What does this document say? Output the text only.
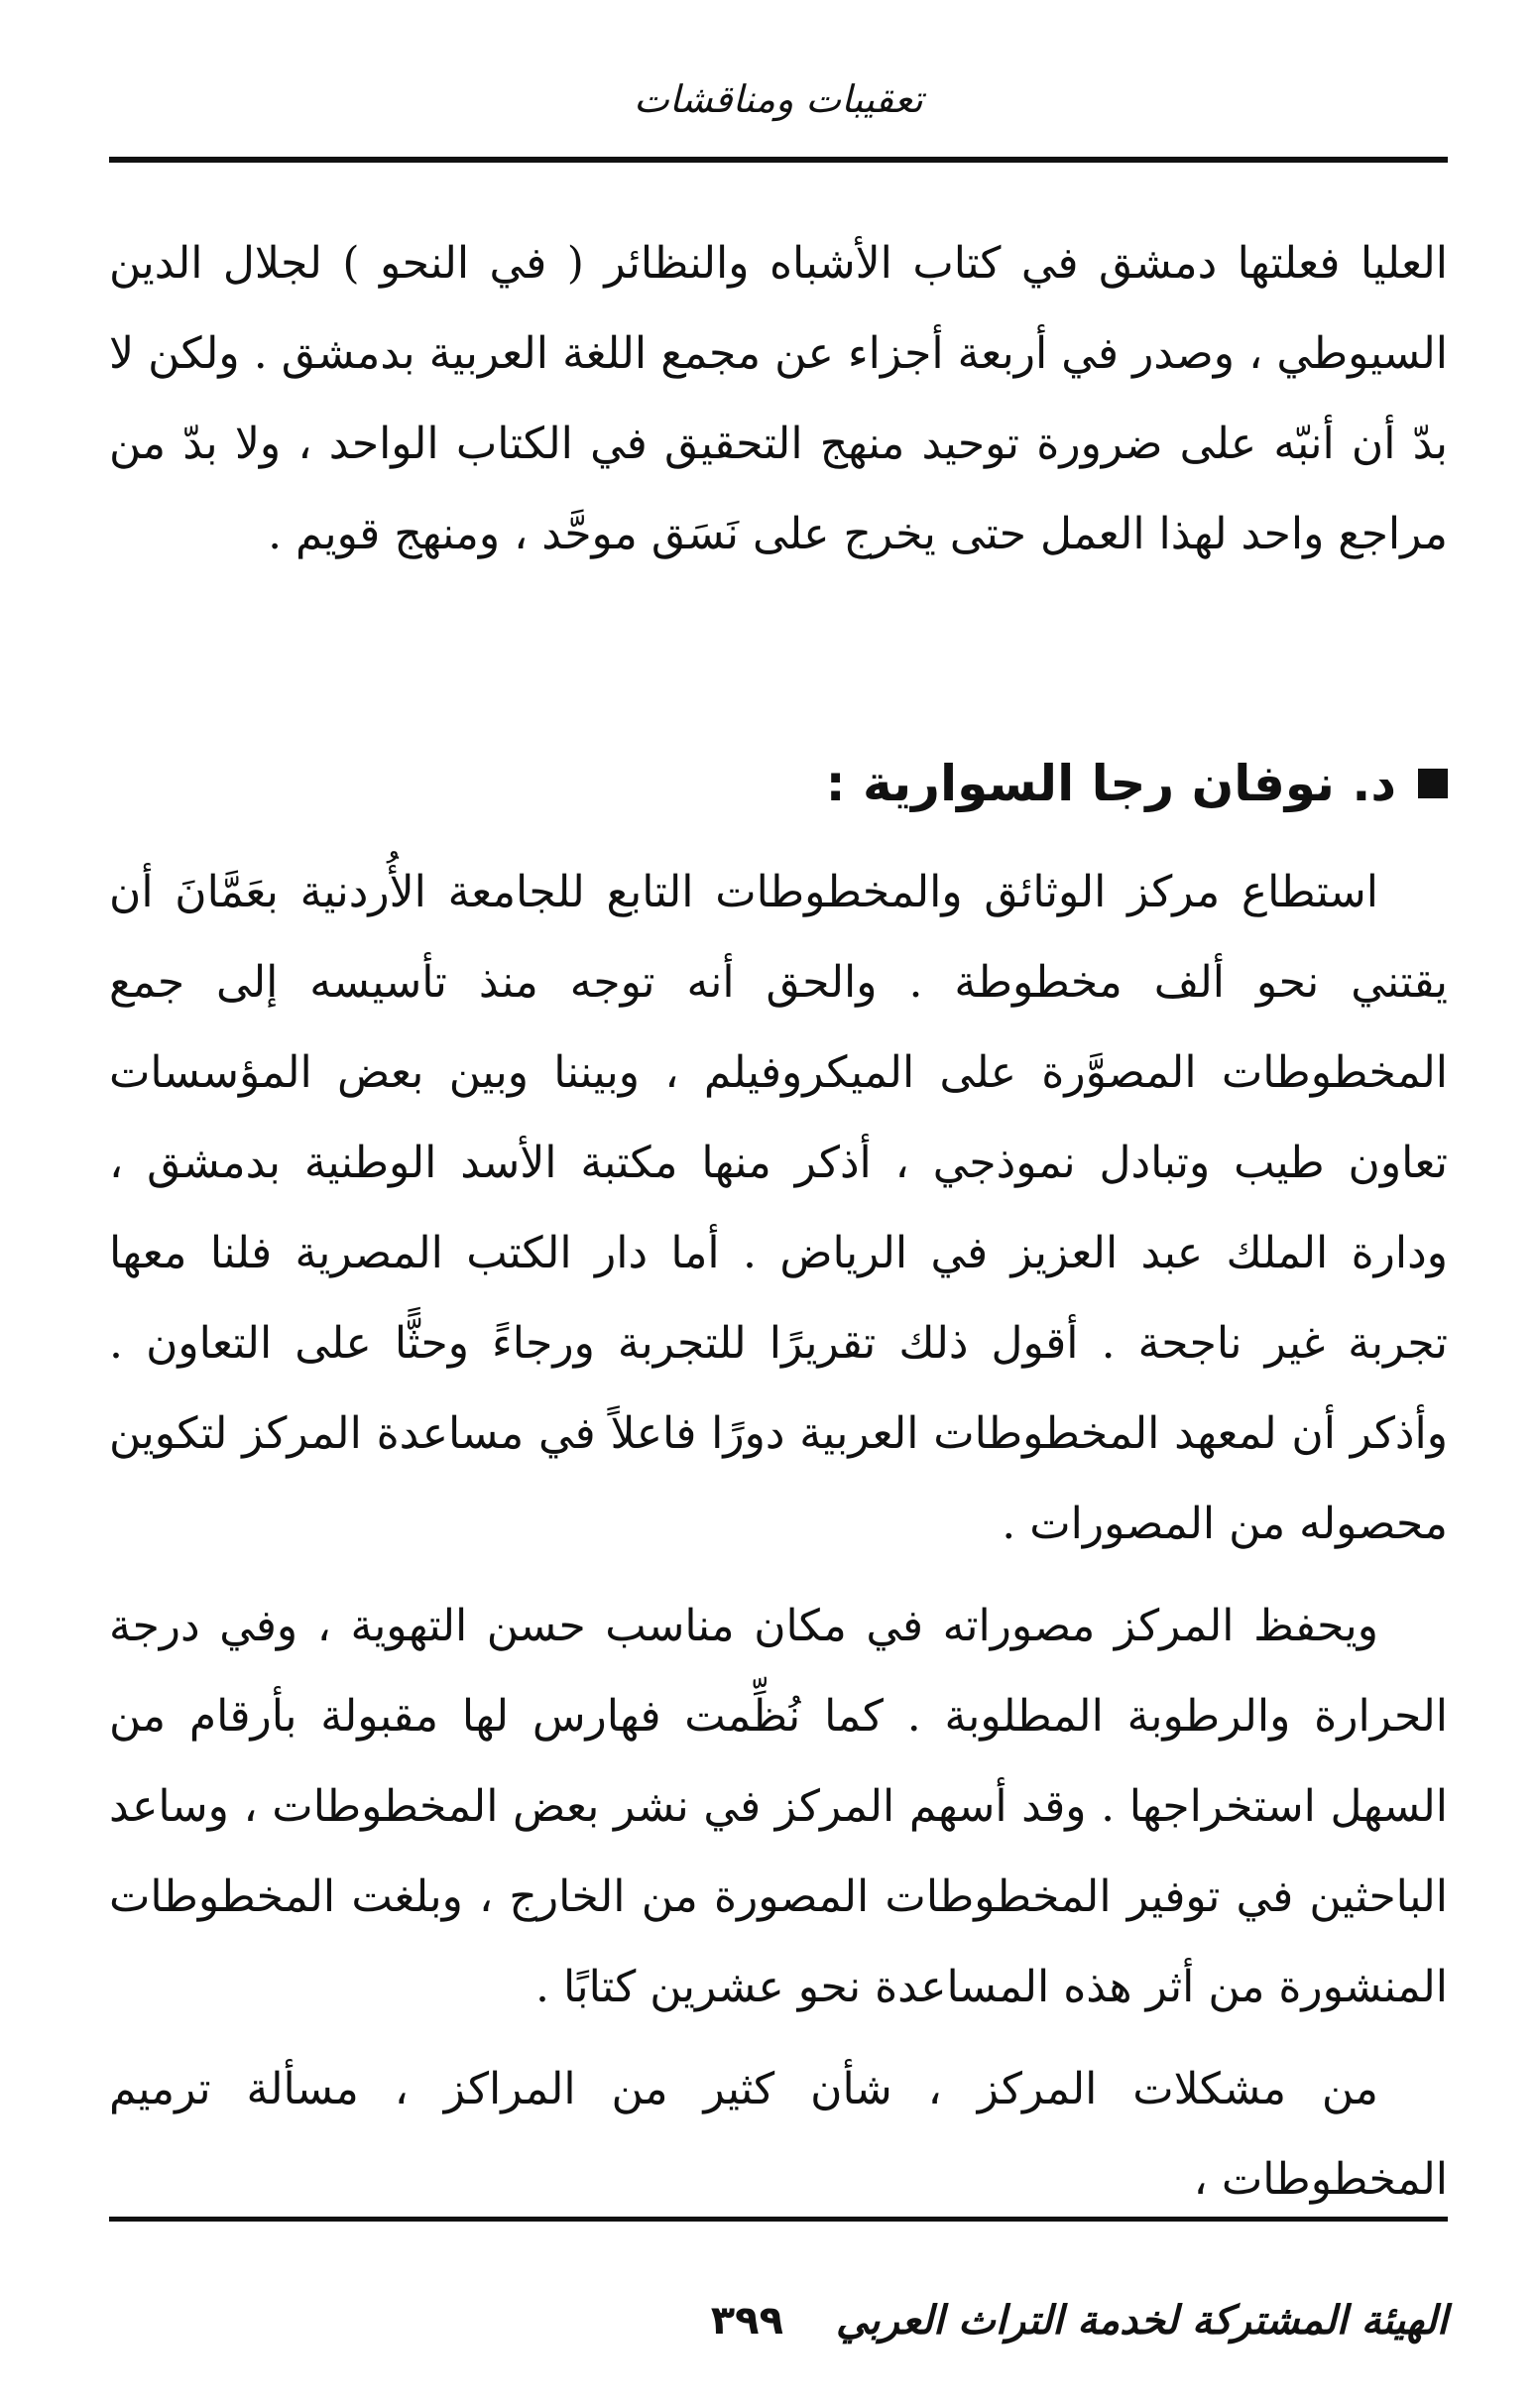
تعقيبات ومناقشات

العليا فعلتها دمشق في كتاب الأشباه والنظائر ( في النحو ) لجلال الدين السيوطي ، وصدر في أربعة أجزاء عن مجمع اللغة العربية بدمشق . ولكن لا بدّ أن أنبّه على ضرورة توحيد منهج التحقيق في الكتاب الواحد ، ولا بدّ من مراجع واحد لهذا العمل حتى يخرج على نَسَق موحَّد ، ومنهج قويم .

د. نوفان رجا السوارية :

استطاع مركز الوثائق والمخطوطات التابع للجامعة الأُردنية بعَمَّانَ أن يقتني نحو ألف مخطوطة . والحق أنه توجه منذ تأسيسه إلى جمع المخطوطات المصوَّرة على الميكروفيلم ، وبيننا وبين بعض المؤسسات تعاون طيب وتبادل نموذجي ، أذكر منها مكتبة الأسد الوطنية بدمشق ، ودارة الملك عبد العزيز في الرياض . أما دار الكتب المصرية فلنا معها تجربة غير ناجحة . أقول ذلك تقريرًا للتجربة ورجاءً وحثًّا على التعاون . وأذكر أن لمعهد المخطوطات العربية دورًا فاعلاً في مساعدة المركز لتكوين محصوله من المصورات .

ويحفظ المركز مصوراته في مكان مناسب حسن التهوية ، وفي درجة الحرارة والرطوبة المطلوبة . كما نُظِّمت فهارس لها مقبولة بأرقام من السهل استخراجها . وقد أسهم المركز في نشر بعض المخطوطات ، وساعد الباحثين في توفير المخطوطات المصورة من الخارج ، وبلغت المخطوطات المنشورة من أثر هذه المساعدة نحو عشرين كتابًا .

من مشكلات المركز ، شأن كثير من المراكز ، مسألة ترميم المخطوطات ،

الهيئة المشتركة لخدمة التراث العربي
٣٩٩
